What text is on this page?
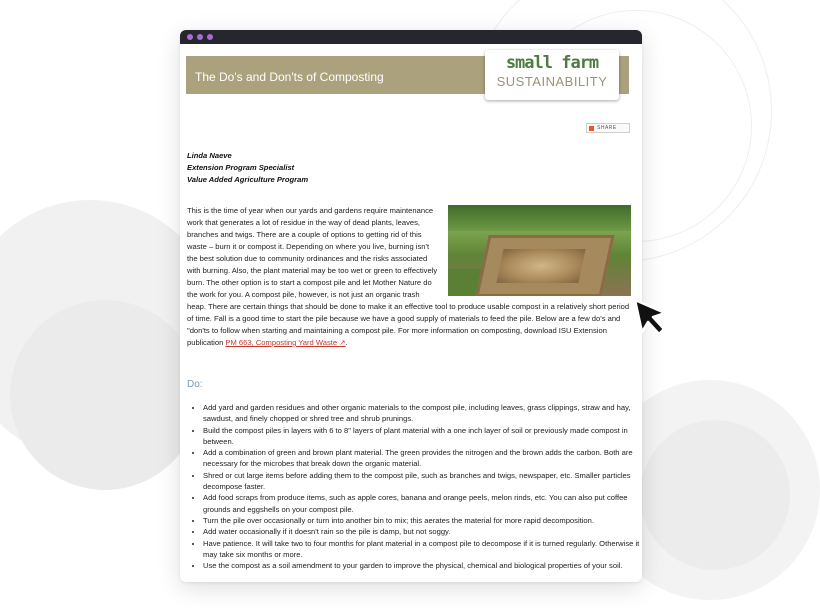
The Do's and Don'ts of Composting
small farm
SUSTAINABILITY
SHARE
Linda Naeve
Extension Program Specialist
Value Added Agriculture Program
This is the time of year when our yards and gardens require maintenance work that generates a lot of residue in the way of dead plants, leaves, branches and twigs. There are a couple of options to getting rid of this waste – burn it or compost it. Depending on where you live, burning isn't the best solution due to community ordinances and the risks associated with burning. Also, the plant material may be too wet or green to effectively burn. The other option is to start a compost pile and let Mother Nature do the work for you. A compost pile, however, is not just an organic trash heap. There are certain things that should be done to make it an effective tool to produce usable compost in a relatively short period of time. Fall is a good time to start the pile because we have a good supply of materials to feed the pile. Below are a few do's and "don'ts to follow when starting and maintaining a compost pile. For more information on composting, download ISU Extension publication PM 663, Composting Yard Waste ↗.
Do:
• Add yard and garden residues and other organic materials to the compost pile, including leaves, grass clippings, straw and hay, sawdust, and finely chopped or shred tree and shrub prunings.
• Build the compost piles in layers with 6 to 8" layers of plant material with a one inch layer of soil or previously made compost in between.
• Add a combination of green and brown plant material. The green provides the nitrogen and the brown adds the carbon. Both are necessary for the microbes that break down the organic material.
• Shred or cut large items before adding them to the compost pile, such as branches and twigs, newspaper, etc. Smaller particles decompose faster.
• Add food scraps from produce items, such as apple cores, banana and orange peels, melon rinds, etc. You can also put coffee grounds and eggshells on your compost pile.
• Turn the pile over occasionally or turn into another bin to mix; this aerates the material for more rapid decomposition.
• Add water occasionally if it doesn't rain so the pile is damp, but not soggy.
• Have patience. It will take two to four months for plant material in a compost pile to decompose if it is turned regularly. Otherwise it may take six months or more.
• Use the compost as a soil amendment to your garden to improve the physical, chemical and biological properties of your soil.
